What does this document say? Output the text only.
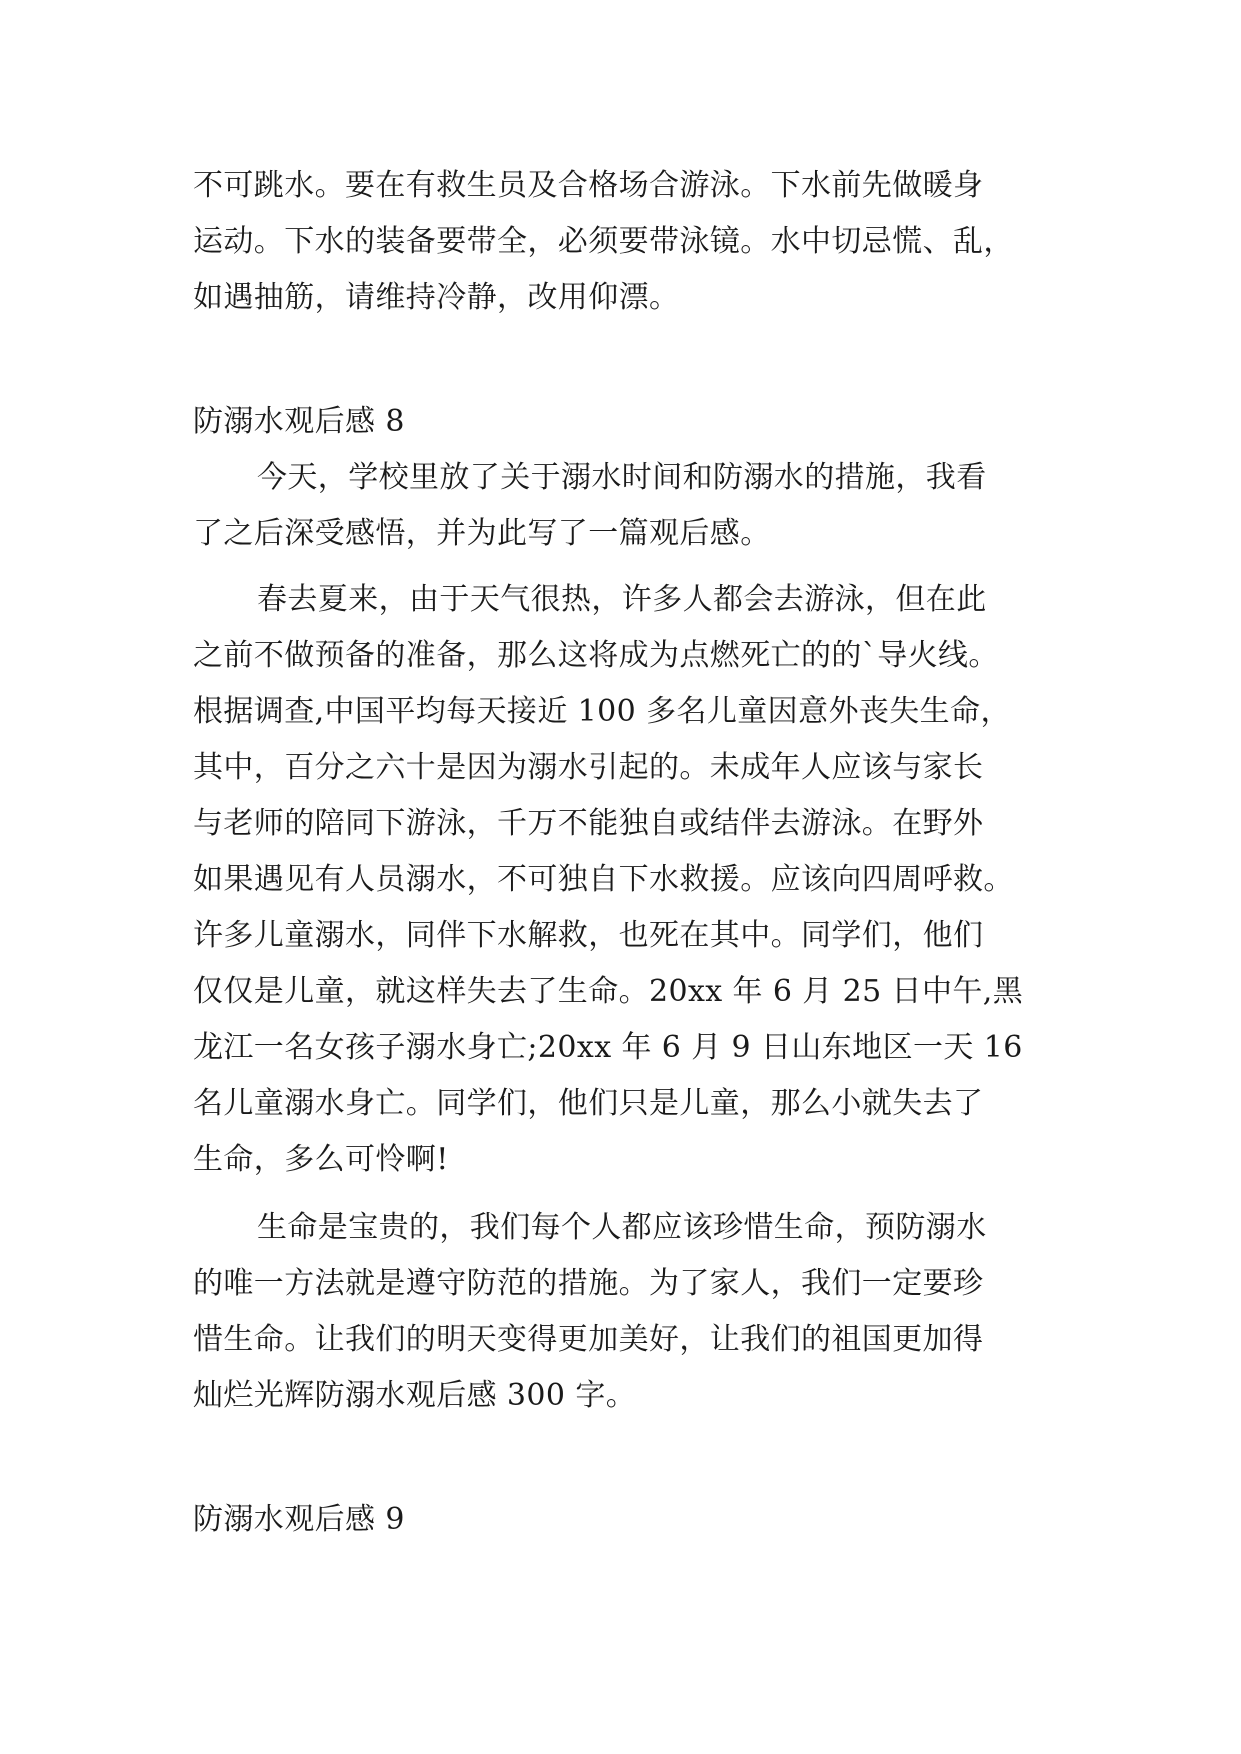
不可跳水。要在有救生员及合格场合游泳。下水前先做暖身
运动。下水的装备要带全，必须要带泳镜。水中切忌慌、乱，
如遇抽筋，请维持冷静，改用仰漂。
防溺水观后感 8
今天，学校里放了关于溺水时间和防溺水的措施，我看
了之后深受感悟，并为此写了一篇观后感。
春去夏来，由于天气很热，许多人都会去游泳，但在此
之前不做预备的准备，那么这将成为点燃死亡的的`导火线。
根据调查,中国平均每天接近 100 多名儿童因意外丧失生命，
其中，百分之六十是因为溺水引起的。未成年人应该与家长
与老师的陪同下游泳，千万不能独自或结伴去游泳。在野外
如果遇见有人员溺水，不可独自下水救援。应该向四周呼救。
许多儿童溺水，同伴下水解救，也死在其中。同学们，他们
仅仅是儿童，就这样失去了生命。20xx 年 6 月 25 日中午,黑
龙江一名女孩子溺水身亡;20xx 年 6 月 9 日山东地区一天 16
名儿童溺水身亡。同学们，他们只是儿童，那么小就失去了
生命，多么可怜啊!
生命是宝贵的，我们每个人都应该珍惜生命，预防溺水
的唯一方法就是遵守防范的措施。为了家人，我们一定要珍
惜生命。让我们的明天变得更加美好，让我们的祖国更加得
灿烂光辉防溺水观后感 300 字。
防溺水观后感 9
